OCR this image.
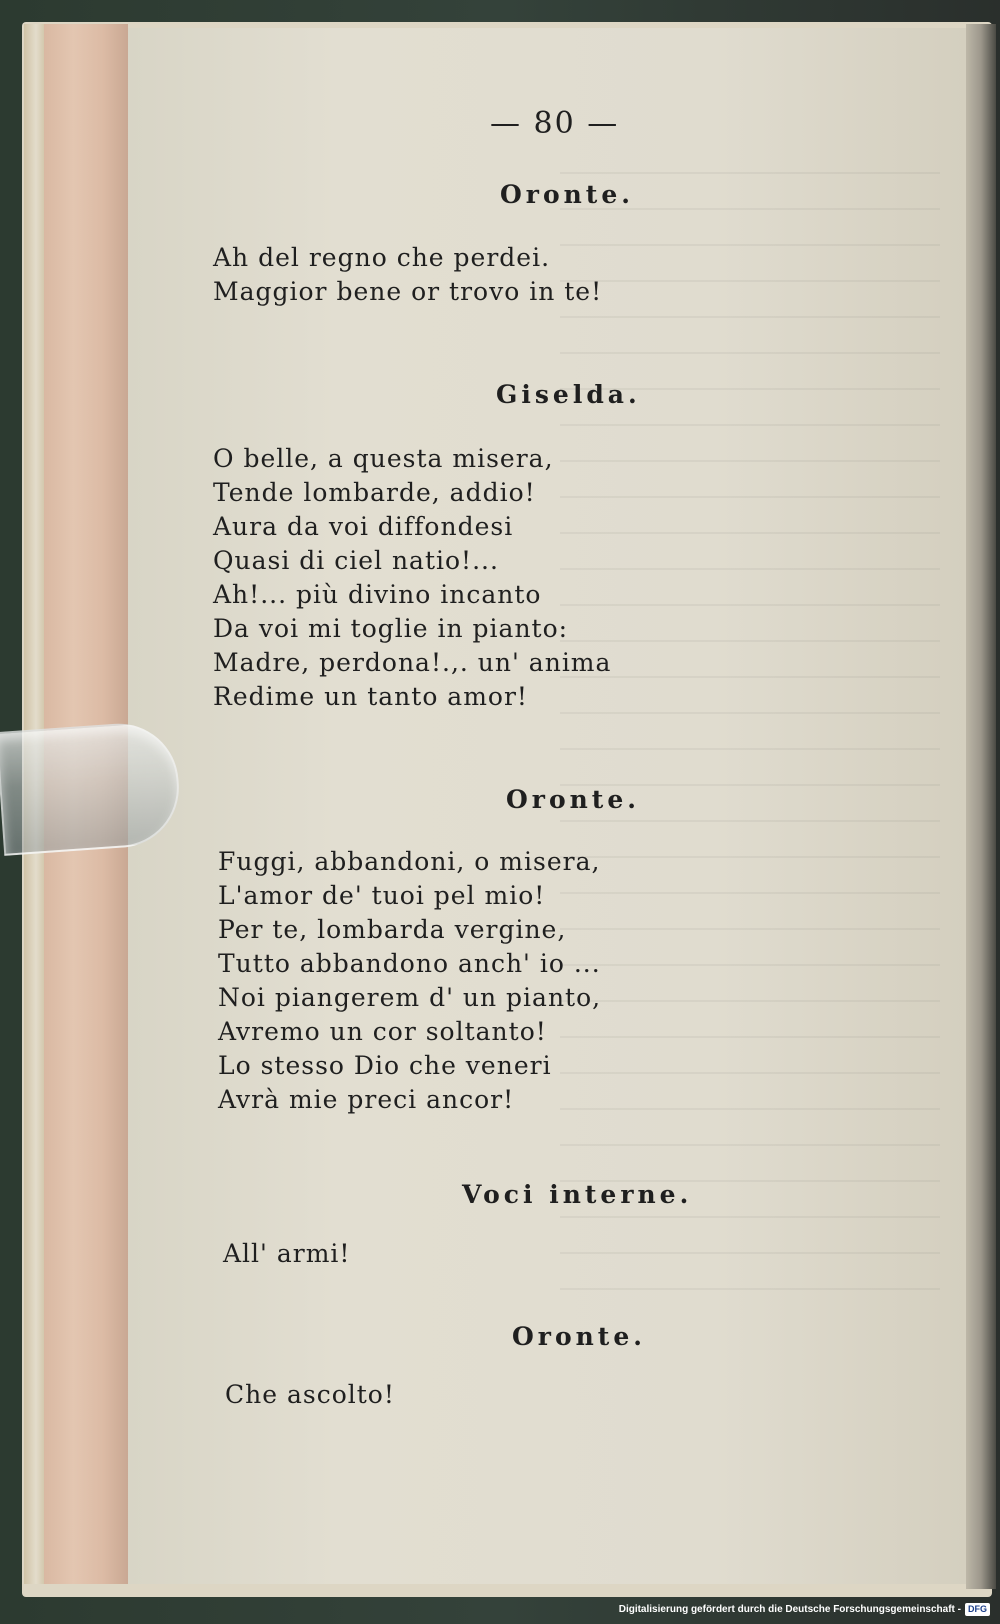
— 80 —
Oronte.
Ah del regno che perdei.
Maggior bene or trovo in te!
Giselda.
O belle, a questa misera,
Tende lombarde, addio!
Aura da voi diffondesi
Quasi di ciel natio!...
Ah!... più divino incanto
Da voi mi toglie in pianto:
Madre, perdona!.,. un' anima
Redime un tanto amor!
Oronte.
Fuggi, abbandoni, o misera,
L'amor de' tuoi pel mio!
Per te, lombarda vergine,
Tutto abbandono anch' io ...
Noi piangerem d' un pianto,
Avremo un cor soltanto!
Lo stesso Dio che veneri
Avrà mie preci ancor!
Voci interne.
All' armi!
Oronte.
Che ascolto!
Digitalisierung gefördert durch die Deutsche Forschungsgemeinschaft - DFG
